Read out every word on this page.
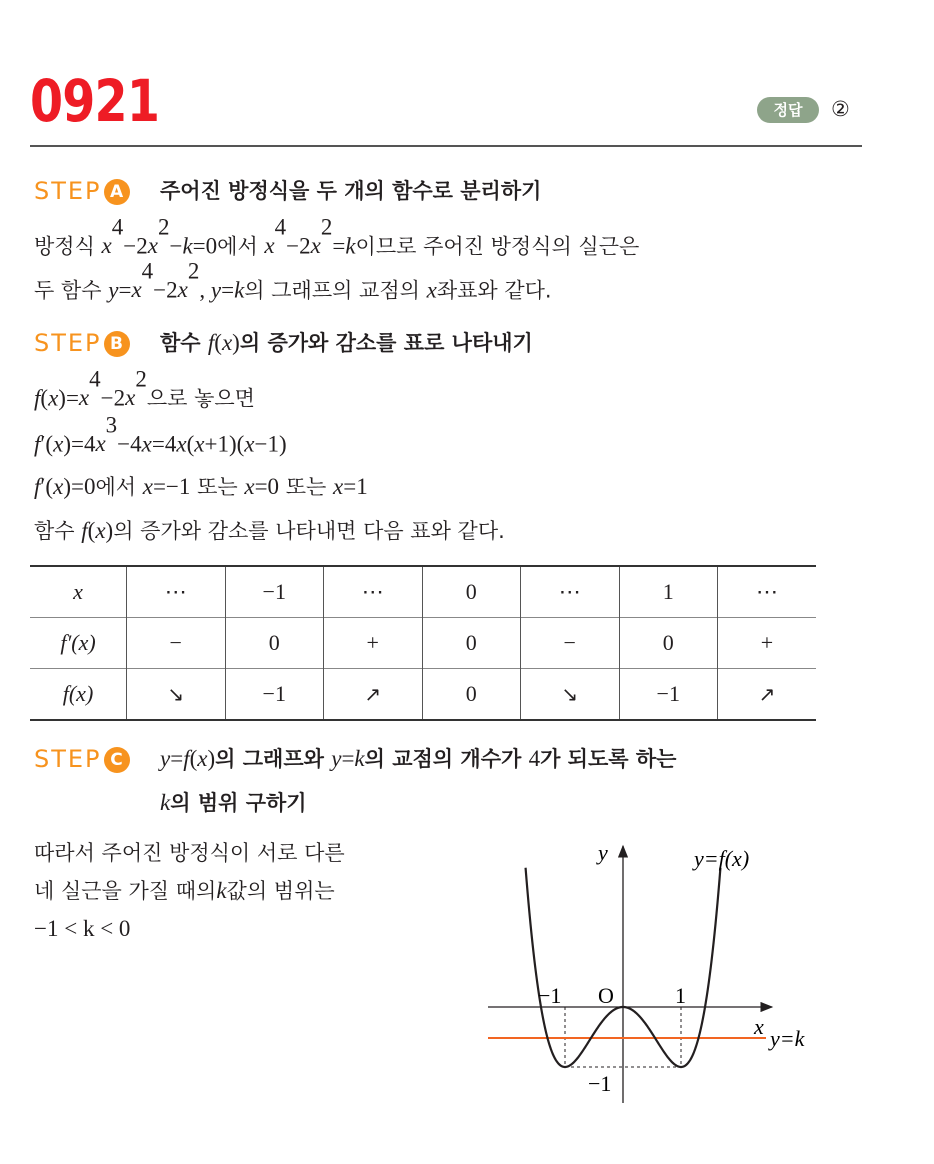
0921	정답	②
STEP A	주어진 방정식을 두 개의 함수로 분리하기
방정식 $x^4-2x^2-k=0$에서 $x^4-2x^2=k$이므로 주어진 방정식의 실근은
두 함수 $y=x^4-2x^2$, y=k의 그래프의 교점의 x좌표와 같다.
STEP B	함수 f(x)의 증가와 감소를 표로 나타내기
$f(x)=x^4-2x^2$으로 놓으면
$f'(x)=4x^3-4x=4x(x+1)(x-1)$
f′(x)=0에서 x=−1 또는 x=0 또는 x=1
함수 f(x)의 증가와 감소를 나타내면 다음 표와 같다.
x	⋯	−1	⋯	0	⋯	1	⋯
f′(x)	−	0	+	0	−	0	+
f(x)	↘	−1	↗	0	↘	−1	↗
STEP C y=f(x)의 그래프와 y=k의 교점의 개수가 4가 되도록 하는
k의 범위 구하기
따라서 주어진 방정식이 서로 다른
네 실근을 가질 때의k값의 범위는
−1 < k < 0
y
x
O
−1	1
−1
y=f(x)
y=k
